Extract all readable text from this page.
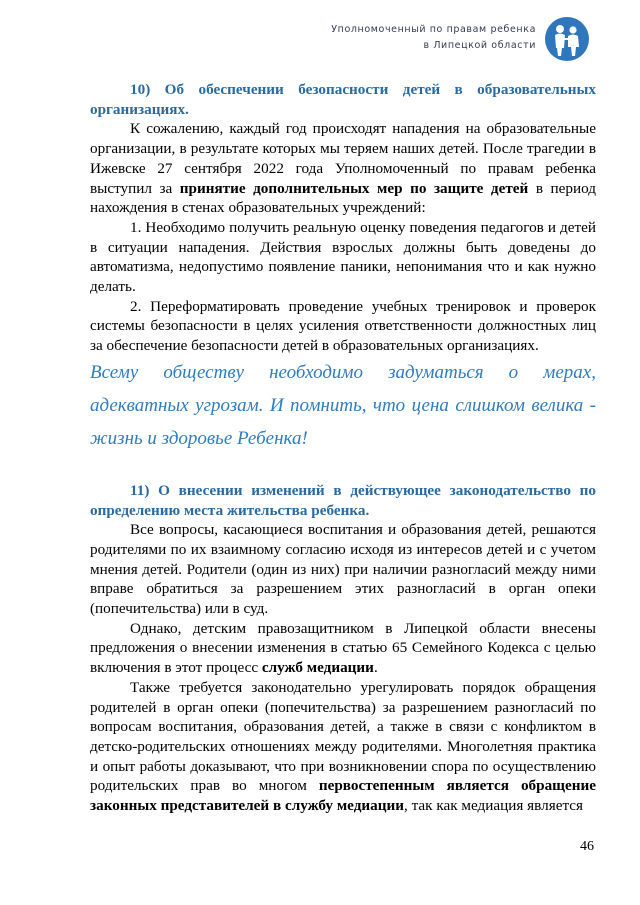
Уполномоченный по правам ребенка
в Липецкой области

10) Об обеспечении безопасности детей в образовательных организациях.

К сожалению, каждый год происходят нападения на образовательные организации, в результате которых мы теряем наших детей. После трагедии в Ижевске 27 сентября 2022 года Уполномоченный по правам ребенка выступил за принятие дополнительных мер по защите детей в период нахождения в стенах образовательных учреждений:

1. Необходимо получить реальную оценку поведения педагогов и детей в ситуации нападения. Действия взрослых должны быть доведены до автоматизма, недопустимо появление паники, непонимания что и как нужно делать.

2. Переформатировать проведение учебных тренировок и проверок системы безопасности в целях усиления ответственности должностных лиц за обеспечение безопасности детей в образовательных организациях.

Всему обществу необходимо задуматься о мерах, адекватных угрозам. И помнить, что цена слишком велика - жизнь и здоровье Ребенка!

11) О внесении изменений в действующее законодательство по определению места жительства ребенка.

Все вопросы, касающиеся воспитания и образования детей, решаются родителями по их взаимному согласию исходя из интересов детей и с учетом мнения детей. Родители (один из них) при наличии разногласий между ними вправе обратиться за разрешением этих разногласий в орган опеки (попечительства) или в суд.

Однако, детским правозащитником в Липецкой области внесены предложения о внесении изменения в статью 65 Семейного Кодекса с целью включения в этот процесс служб медиации.

Также требуется законодательно урегулировать порядок обращения родителей в орган опеки (попечительства) за разрешением разногласий по вопросам воспитания, образования детей, а также в связи с конфликтом в детско-родительских отношениях между родителями. Многолетняя практика и опыт работы доказывают, что при возникновении спора по осуществлению родительских прав во многом первостепенным является обращение законных представителей в службу медиации, так как медиация является

46
